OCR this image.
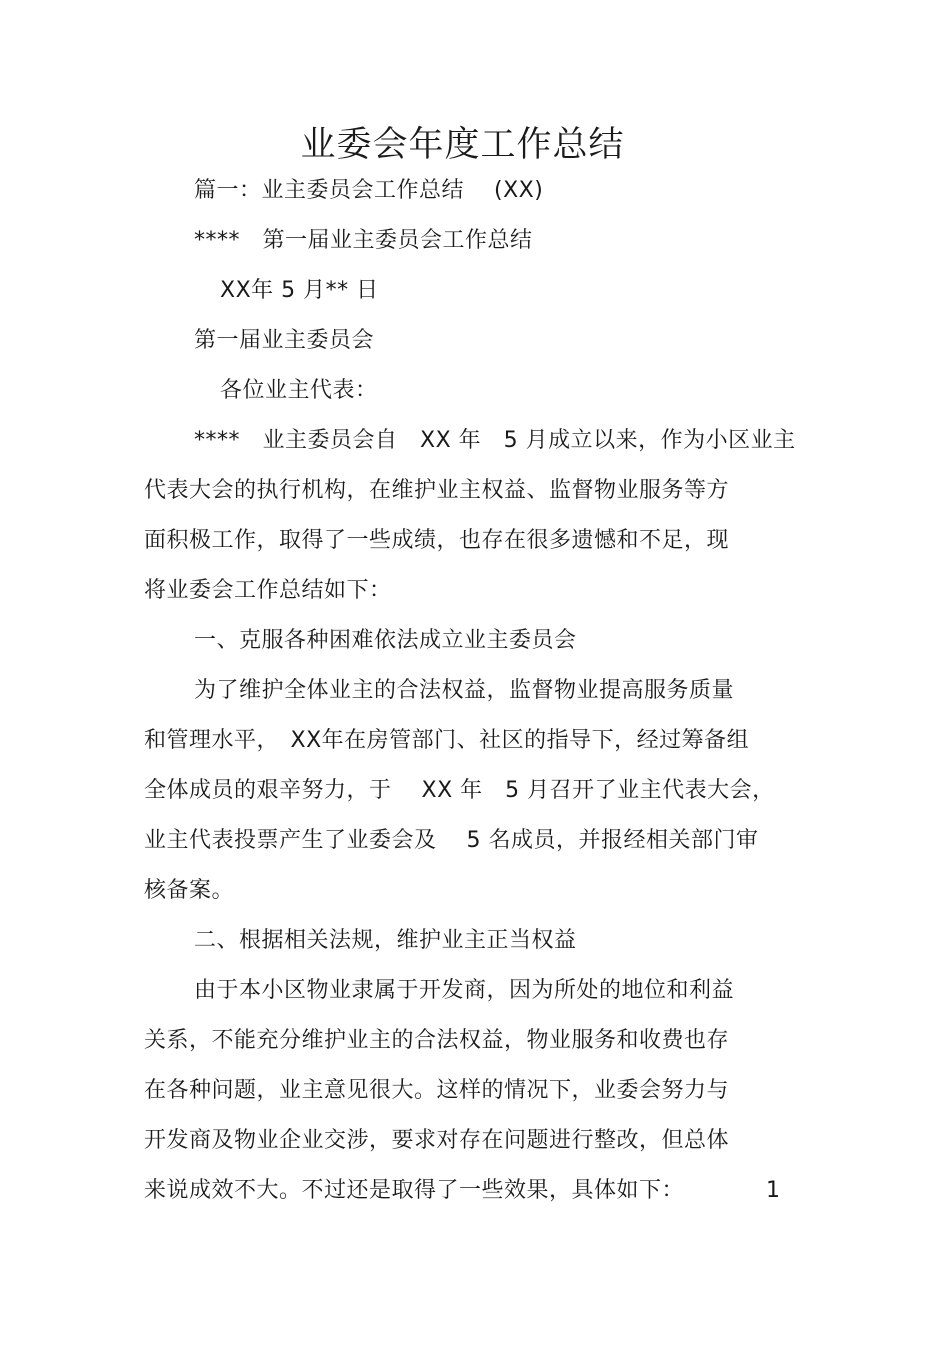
业委会年度工作总结
篇一：业主委员会工作总结　 (XX)
****　第一届业主委员会工作总结
XX年 5 月** 日
第一届业主委员会
各位业主代表：
****　业主委员会自　XX 年　5 月成立以来，作为小区业主
代表大会的执行机构，在维护业主权益、监督物业服务等方
面积极工作，取得了一些成绩，也存在很多遗憾和不足，现
将业委会工作总结如下：
一、克服各种困难依法成立业主委员会
为了维护全体业主的合法权益，监督物业提高服务质量
和管理水平，　XX年在房管部门、社区的指导下，经过筹备组
全体成员的艰辛努力，于　 XX 年　5 月召开了业主代表大会，
业主代表投票产生了业委会及　 5 名成员，并报经相关部门审
核备案。
二、根据相关法规，维护业主正当权益
由于本小区物业隶属于开发商，因为所处的地位和利益
关系，不能充分维护业主的合法权益，物业服务和收费也存
在各种问题，业主意见很大。这样的情况下，业委会努力与
开发商及物业企业交涉，要求对存在问题进行整改，但总体
来说成效不大。不过还是取得了一些效果，具体如下：	1
